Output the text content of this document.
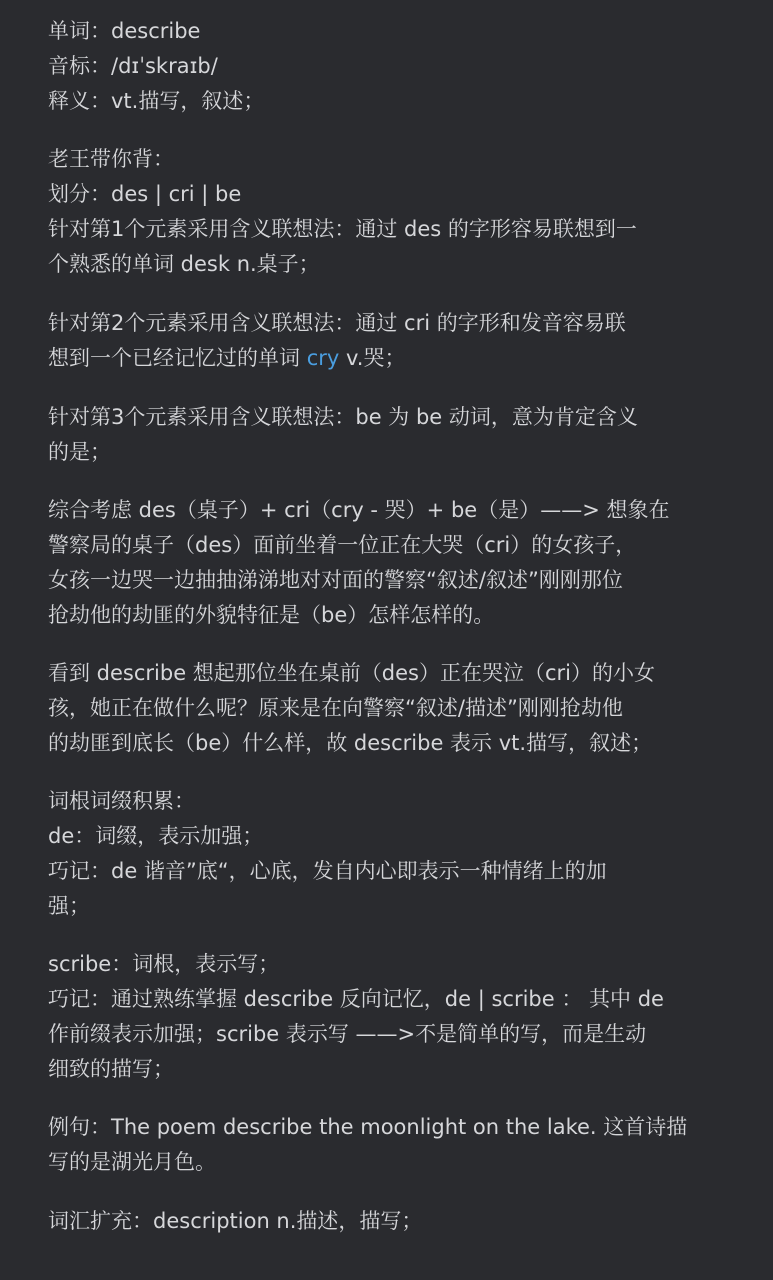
单词：describe
音标：/dɪˈskraɪb/
释义：vt.描写，叙述；
老王带你背：
划分：des | cri | be
针对第1个元素采用含义联想法：通过 des 的字形容易联想到一
个熟悉的单词 desk n.桌子；
针对第2个元素采用含义联想法：通过 cri 的字形和发音容易联
想到一个已经记忆过的单词 cry v.哭；
针对第3个元素采用含义联想法：be 为 be 动词，意为肯定含义
的是；
综合考虑 des（桌子）+ cri（cry - 哭）+ be（是）——> 想象在
警察局的桌子（des）面前坐着一位正在大哭（cri）的女孩子，
女孩一边哭一边抽抽涕涕地对对面的警察“叙述/叙述”刚刚那位
抢劫他的劫匪的外貌特征是（be）怎样怎样的。
看到 describe 想起那位坐在桌前（des）正在哭泣（cri）的小女
孩，她正在做什么呢？原来是在向警察“叙述/描述”刚刚抢劫他
的劫匪到底长（be）什么样，故 describe 表示 vt.描写，叙述；
词根词缀积累：
de：词缀，表示加强；
巧记：de 谐音”底“，心底，发自内心即表示一种情绪上的加
强；
scribe：词根，表示写；
巧记：通过熟练掌握 describe 反向记忆，de | scribe ： 其中 de
作前缀表示加强；scribe 表示写 ——>不是简单的写，而是生动
细致的描写；
例句：The poem describe the moonlight on the lake. 这首诗描
写的是湖光月色。
词汇扩充：description n.描述，描写；
